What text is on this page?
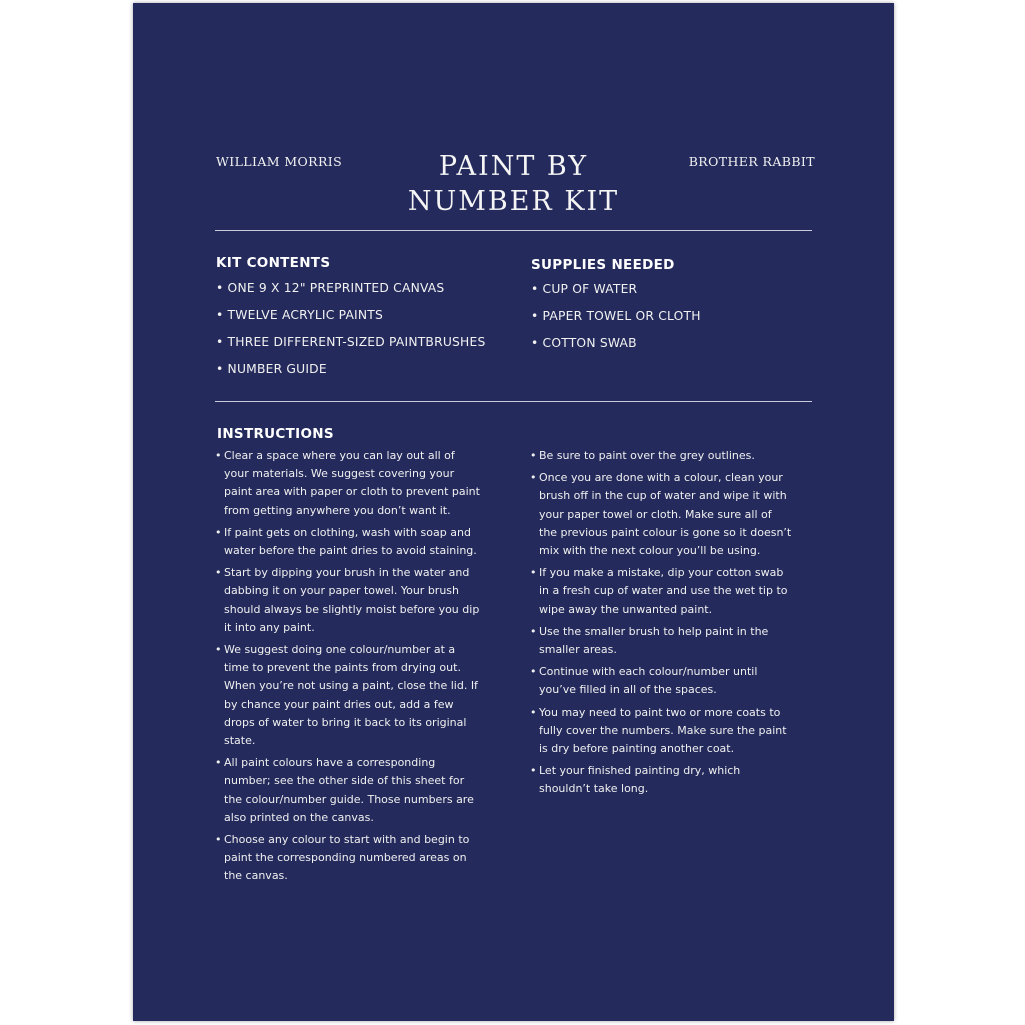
WILLIAM MORRIS	PAINT BY
NUMBER KIT
BROTHER RABBIT
KIT CONTENTS
• ONE 9 X 12" PREPRINTED CANVAS
• TWELVE ACRYLIC PAINTS
• THREE DIFFERENT-SIZED PAINTBRUSHES
• NUMBER GUIDE
SUPPLIES NEEDED
• CUP OF WATER
• PAPER TOWEL OR CLOTH
• COTTON SWAB
INSTRUCTIONS
• Clear a space where you can lay out all of your materials. We suggest covering your paint area with paper or cloth to prevent paint from getting anywhere you don’t want it.
• If paint gets on clothing, wash with soap and water before the paint dries to avoid staining.
• Start by dipping your brush in the water and dabbing it on your paper towel. Your brush should always be slightly moist before you dip it into any paint.
• We suggest doing one colour/number at a time to prevent the paints from drying out. When you’re not using a paint, close the lid. If by chance your paint dries out, add a few drops of water to bring it back to its original state.
• All paint colours have a corresponding number; see the other side of this sheet for the colour/number guide. Those numbers are also printed on the canvas.
• Choose any colour to start with and begin to paint the corresponding numbered areas on the canvas.
• Be sure to paint over the grey outlines.
• Once you are done with a colour, clean your brush off in the cup of water and wipe it with your paper towel or cloth. Make sure all of the previous paint colour is gone so it doesn’t mix with the next colour you’ll be using.
• If you make a mistake, dip your cotton swab in a fresh cup of water and use the wet tip to wipe away the unwanted paint.
• Use the smaller brush to help paint in the smaller areas.
• Continue with each colour/number until you’ve filled in all of the spaces.
• You may need to paint two or more coats to fully cover the numbers. Make sure the paint is dry before painting another coat.
• Let your finished painting dry, which shouldn’t take long.
